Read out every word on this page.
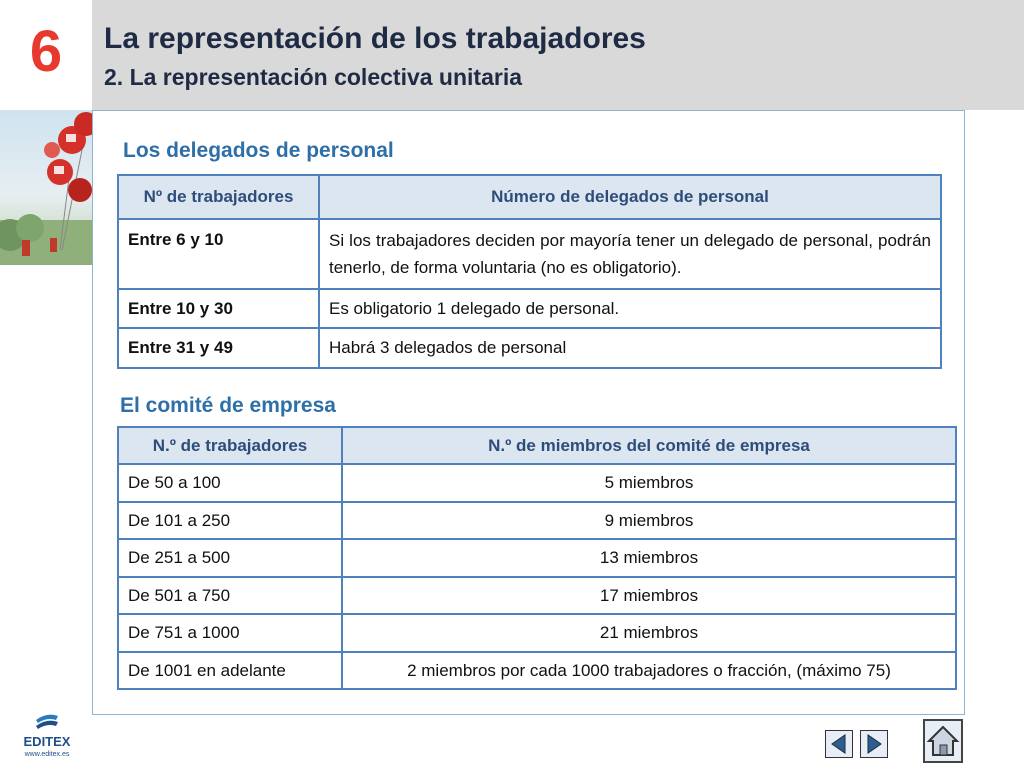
6	La representación de los trabajadores
2. La representación colectiva unitaria
Los delegados de personal
Nº de trabajadores	Número de delegados de personal
Entre 6 y 10	Si los trabajadores deciden por mayoría tener un delegado de personal, podrán tenerlo, de forma voluntaria (no es obligatorio).
Entre 10 y 30	Es obligatorio 1 delegado de personal.
Entre 31 y 49	Habrá 3 delegados de personal
El comité de empresa
N.º de trabajadores	N.º de miembros del comité de empresa
De 50 a 100	5 miembros
De 101 a 250	9 miembros
De 251 a 500	13 miembros
De 501 a 750	17 miembros
De 751 a 1000	21 miembros
De 1001 en adelante	2 miembros por cada 1000 trabajadores o fracción, (máximo 75)
EDITEX
www.editex.es
